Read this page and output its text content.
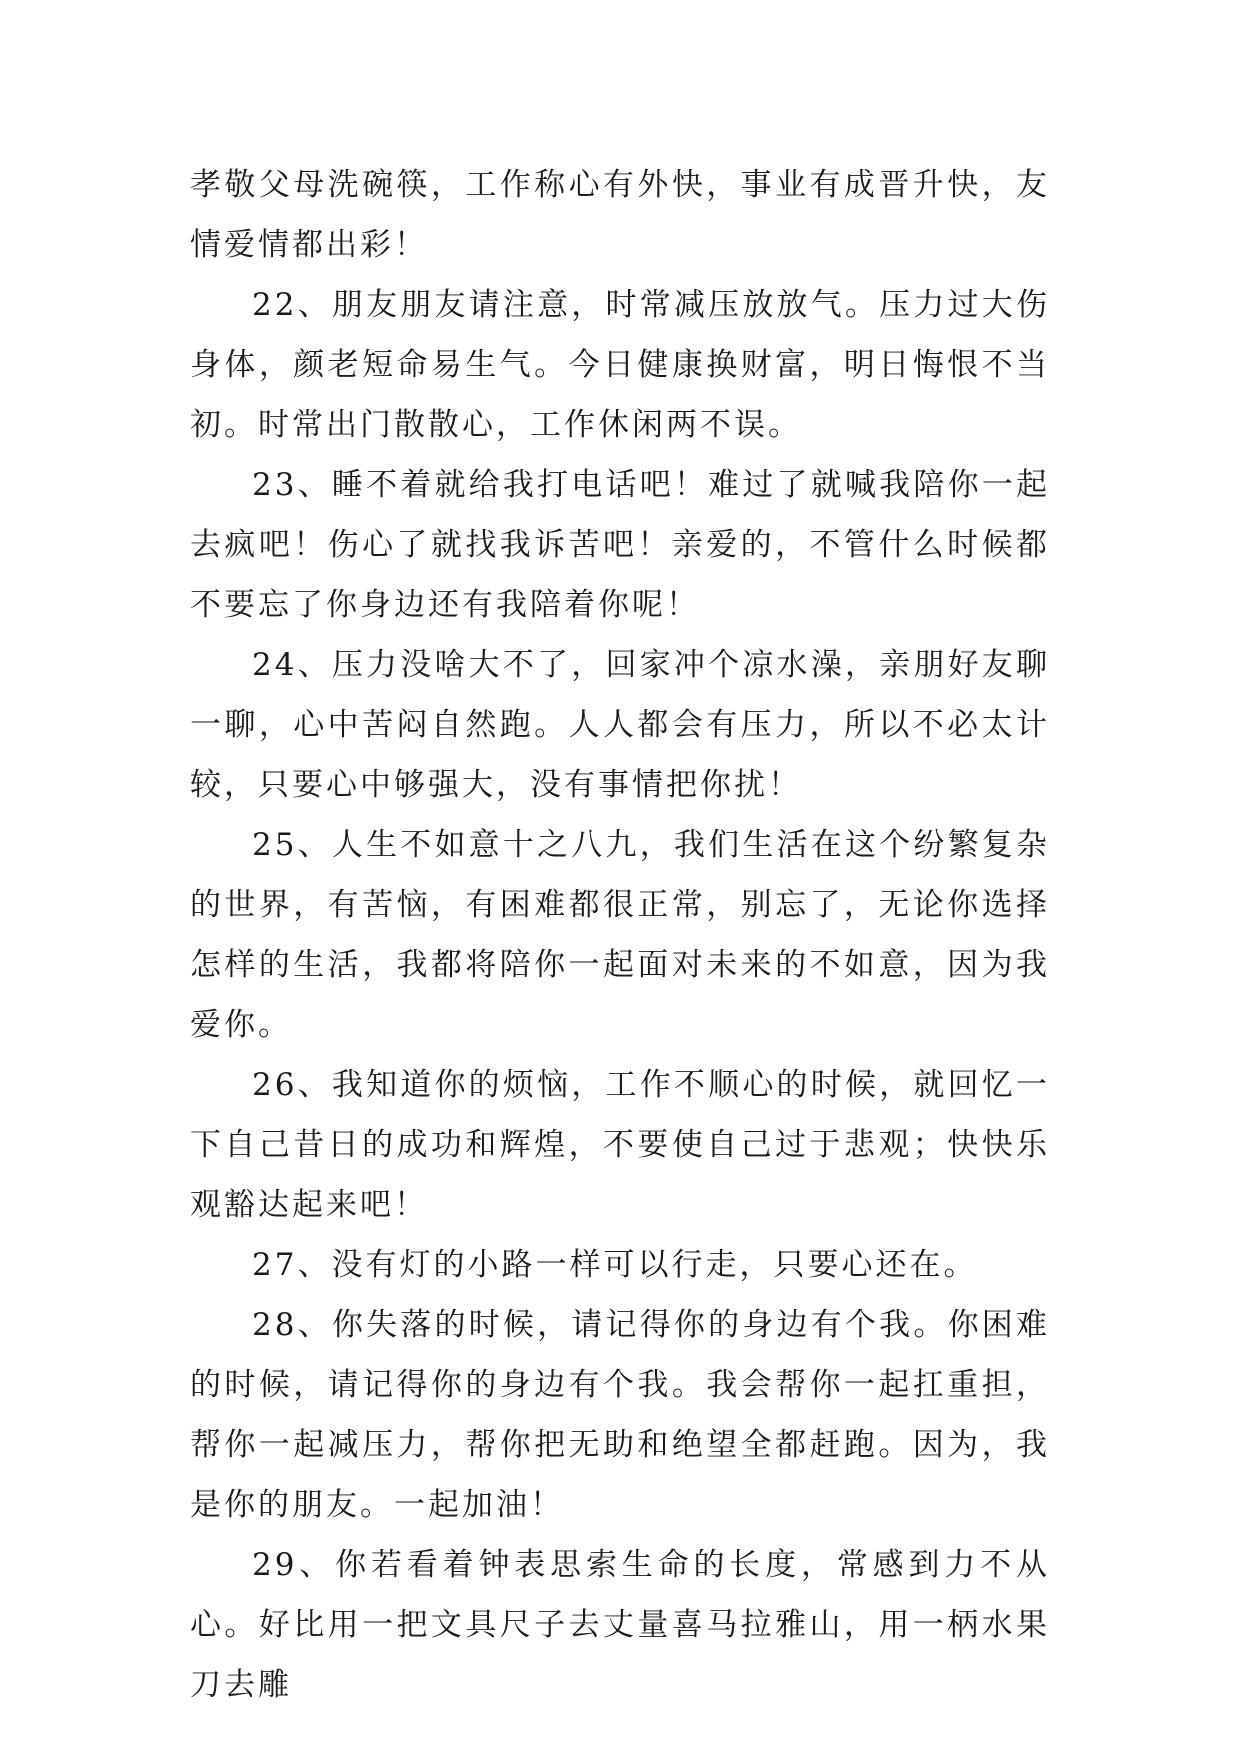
孝敬父母洗碗筷，工作称心有外快，事业有成晋升快，友情爱情都出彩！

22、朋友朋友请注意，时常减压放放气。压力过大伤身体，颜老短命易生气。今日健康换财富，明日悔恨不当初。时常出门散散心，工作休闲两不误。

23、睡不着就给我打电话吧！难过了就喊我陪你一起去疯吧！伤心了就找我诉苦吧！亲爱的，不管什么时候都不要忘了你身边还有我陪着你呢！

24、压力没啥大不了，回家冲个凉水澡，亲朋好友聊一聊，心中苦闷自然跑。人人都会有压力，所以不必太计较，只要心中够强大，没有事情把你扰！

25、人生不如意十之八九，我们生活在这个纷繁复杂的世界，有苦恼，有困难都很正常，别忘了，无论你选择怎样的生活，我都将陪你一起面对未来的不如意，因为我爱你。

26、我知道你的烦恼，工作不顺心的时候，就回忆一下自己昔日的成功和辉煌，不要使自己过于悲观；快快乐观豁达起来吧！

27、没有灯的小路一样可以行走，只要心还在。

28、你失落的时候，请记得你的身边有个我。你困难的时候，请记得你的身边有个我。我会帮你一起扛重担，帮你一起减压力，帮你把无助和绝望全都赶跑。因为，我是你的朋友。一起加油！

29、你若看着钟表思索生命的长度，常感到力不从心。好比用一把文具尺子去丈量喜马拉雅山，用一柄水果刀去雕
